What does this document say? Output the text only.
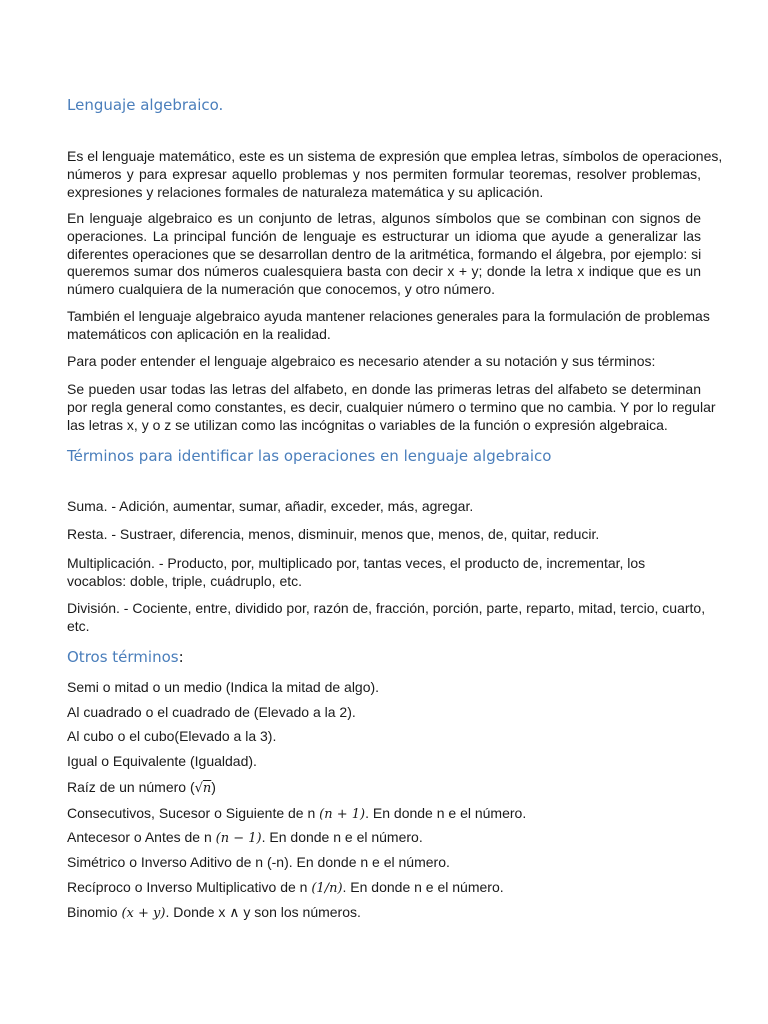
Lenguaje algebraico.
Es el lenguaje matemático, este es un sistema de expresión que emplea letras, símbolos de operaciones,
números y para expresar aquello problemas y nos permiten formular teoremas, resolver problemas,
expresiones y relaciones formales de naturaleza matemática y su aplicación.
En lenguaje algebraico es un conjunto de letras, algunos símbolos que se combinan con signos de
operaciones. La principal función de lenguaje es estructurar un idioma que ayude a generalizar las
diferentes operaciones que se desarrollan dentro de la aritmética, formando el álgebra, por ejemplo: si
queremos sumar dos números cualesquiera basta con decir x + y; donde la letra x indique que es un
número cualquiera de la numeración que conocemos, y otro número.
También el lenguaje algebraico ayuda mantener relaciones generales para la formulación de problemas
matemáticos con aplicación en la realidad.
Para poder entender el lenguaje algebraico es necesario atender a su notación y sus términos:
Se pueden usar todas las letras del alfabeto, en donde las primeras letras del alfabeto se determinan
por regla general como constantes, es decir, cualquier número o termino que no cambia. Y por lo regular
las letras x, y o z se utilizan como las incógnitas o variables de la función o expresión algebraica.
Términos para identificar las operaciones en lenguaje algebraico
Suma. - Adición, aumentar, sumar, añadir, exceder, más, agregar.
Resta. - Sustraer, diferencia, menos, disminuir, menos que, menos, de, quitar, reducir.
Multiplicación. - Producto, por, multiplicado por, tantas veces, el producto de, incrementar, los
vocablos: doble, triple, cuádruplo, etc.
División. - Cociente, entre, dividido por, razón de, fracción, porción, parte, reparto, mitad, tercio, cuarto,
etc.
Otros términos:
Semi o mitad o un medio (Indica la mitad de algo).
Al cuadrado o el cuadrado de (Elevado a la 2).
Al cubo o el cubo(Elevado a la 3).
Igual o Equivalente (Igualdad).
Raíz de un número (√n)
Consecutivos, Sucesor o Siguiente de n (n + 1). En donde n e el número.
Antecesor o Antes de n (n − 1). En donde n e el número.
Simétrico o Inverso Aditivo de n (-n). En donde n e el número.
Recíproco o Inverso Multiplicativo de n (1/n). En donde n e el número.
Binomio (x + y). Donde x ∧ y son los números.
